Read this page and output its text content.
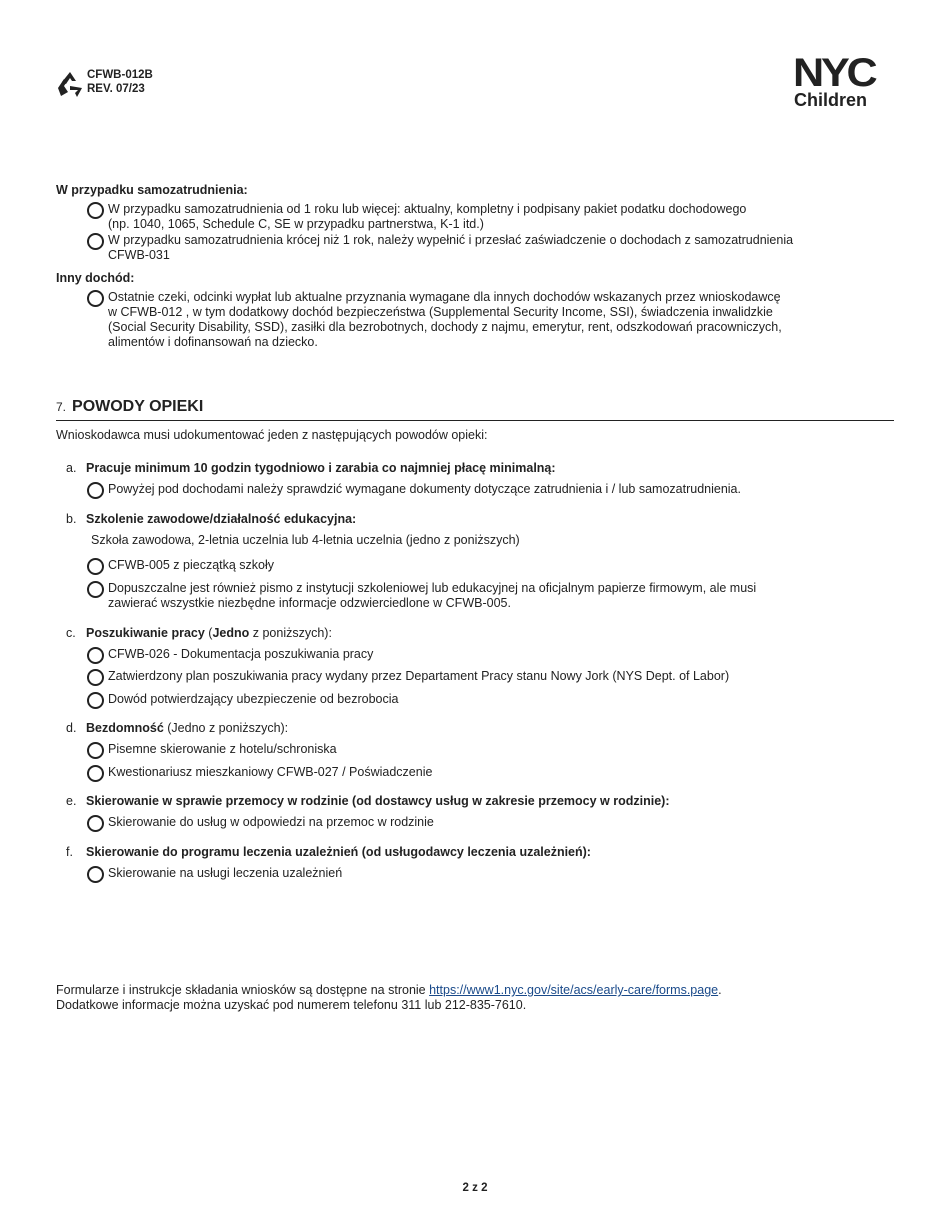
CFWB-012B
REV. 07/23	NYC
Children
W przypadku samozatrudnienia:
W przypadku samozatrudnienia od 1 roku lub więcej: aktualny, kompletny i podpisany pakiet podatku dochodowego
(np. 1040, 1065, Schedule C, SE w przypadku partnerstwa, K-1 itd.)
W przypadku samozatrudnienia krócej niż 1 rok, należy wypełnić i przesłać zaświadczenie o dochodach z samozatrudnienia
CFWB-031
Inny dochód:
Ostatnie czeki, odcinki wypłat lub aktualne przyznania wymagane dla innych dochodów wskazanych przez wnioskodawcę
w CFWB-012 , w tym dodatkowy dochód bezpieczeństwa (Supplemental Security Income, SSI), świadczenia inwalidzkie
(Social Security Disability, SSD), zasiłki dla bezrobotnych, dochody z najmu, emerytur, rent, odszkodowań pracowniczych,
alimentów i dofinansowań na dziecko.
7. POWODY OPIEKI
Wnioskodawca musi udokumentować jeden z następujących powodów opieki:
a. Pracuje minimum 10 godzin tygodniowo i zarabia co najmniej płacę minimalną:
Powyżej pod dochodami należy sprawdzić wymagane dokumenty dotyczące zatrudnienia i / lub samozatrudnienia.
b. Szkolenie zawodowe/działalność edukacyjna:
Szkoła zawodowa, 2-letnia uczelnia lub 4-letnia uczelnia (jedno z poniższych)
CFWB-005 z pieczątką szkoły
Dopuszczalne jest również pismo z instytucji szkoleniowej lub edukacyjnej na oficjalnym papierze firmowym, ale musi
zawierać wszystkie niezbędne informacje odzwierciedlone w CFWB-005.
c. Poszukiwanie pracy (Jedno z poniższych):
CFWB-026 - Dokumentacja poszukiwania pracy
Zatwierdzony plan poszukiwania pracy wydany przez Departament Pracy stanu Nowy Jork (NYS Dept. of Labor)
Dowód potwierdzający ubezpieczenie od bezrobocia
d. Bezdomność (Jedno z poniższych):
Pisemne skierowanie z hotelu/schroniska
Kwestionariusz mieszkaniowy CFWB-027 / Poświadczenie
e. Skierowanie w sprawie przemocy w rodzinie (od dostawcy usług w zakresie przemocy w rodzinie):
Skierowanie do usług w odpowiedzi na przemoc w rodzinie
f. Skierowanie do programu leczenia uzależnień (od usługodawcy leczenia uzależnień):
Skierowanie na usługi leczenia uzależnień
Formularze i instrukcje składania wniosków są dostępne na stronie https://www1.nyc.gov/site/acs/early-care/forms.page.
Dodatkowe informacje można uzyskać pod numerem telefonu 311 lub 212-835-7610.
2 z 2
